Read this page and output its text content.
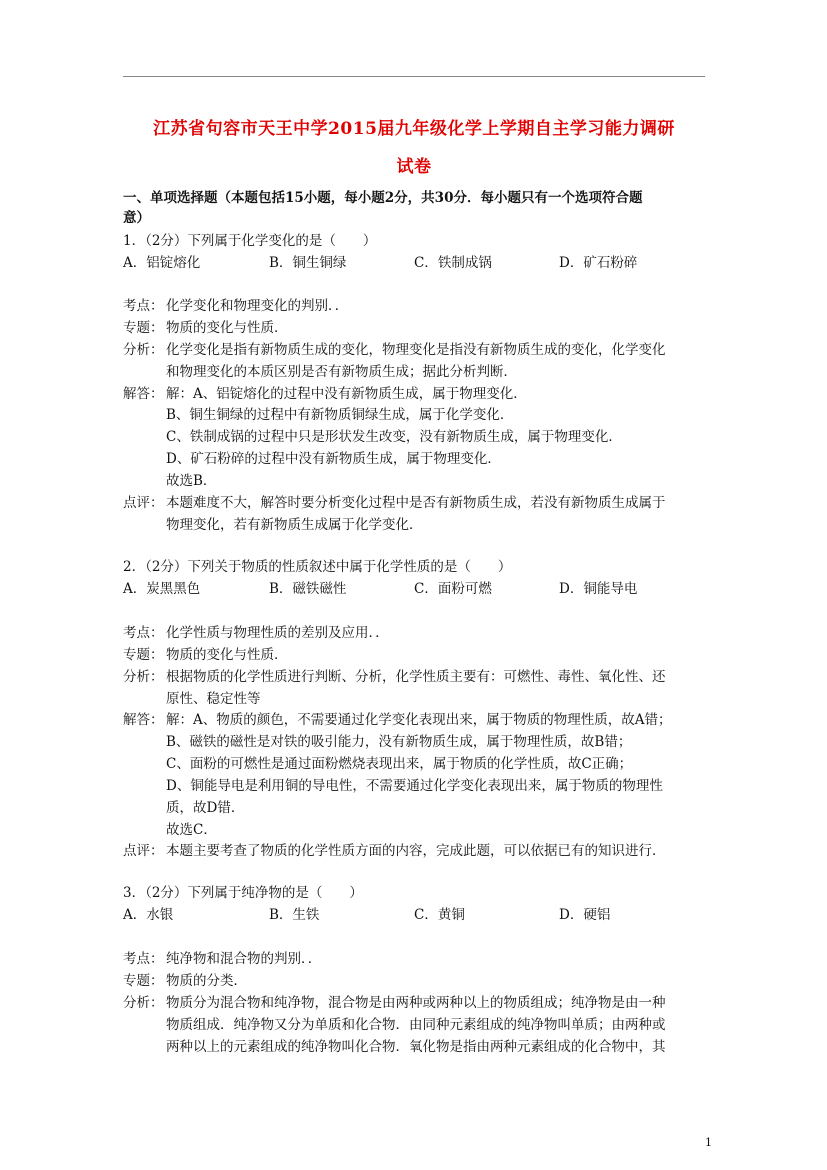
江苏省句容市天王中学2015届九年级化学上学期自主学习能力调研
试卷
一、单项选择题（本题包括15小题，每小题2分，共30分．每小题只有一个选项符合题
意）
1．（2分）下列属于化学变化的是（　　）
A．铝锭熔化	B．铜生铜绿	C．铁制成锅	D．矿石粉碎
考点： 化学变化和物理变化的判别．．
专题： 物质的变化与性质．
分析： 化学变化是指有新物质生成的变化，物理变化是指没有新物质生成的变化，化学变化
和物理变化的本质区别是否有新物质生成；据此分析判断．
解答： 解：A、铝锭熔化的过程中没有新物质生成，属于物理变化．
B、铜生铜绿的过程中有新物质铜绿生成，属于化学变化．
C、铁制成锅的过程中只是形状发生改变，没有新物质生成，属于物理变化．
D、矿石粉碎的过程中没有新物质生成，属于物理变化．
故选B．
点评： 本题难度不大，解答时要分析变化过程中是否有新物质生成，若没有新物质生成属于
物理变化，若有新物质生成属于化学变化．
2．（2分）下列关于物质的性质叙述中属于化学性质的是（　　）
A．炭黑黑色	B．磁铁磁性	C．面粉可燃	D．铜能导电
考点： 化学性质与物理性质的差别及应用．．
专题： 物质的变化与性质．
分析： 根据物质的化学性质进行判断、分析，化学性质主要有：可燃性、毒性、氧化性、还
原性、稳定性等
解答： 解：A、物质的颜色，不需要通过化学变化表现出来，属于物质的物理性质，故A错；
B、磁铁的磁性是对铁的吸引能力，没有新物质生成，属于物理性质，故B错；
C、面粉的可燃性是通过面粉燃烧表现出来，属于物质的化学性质，故C正确；
D、铜能导电是利用铜的导电性，不需要通过化学变化表现出来，属于物质的物理性
质，故D错．
故选C．
点评： 本题主要考查了物质的化学性质方面的内容，完成此题，可以依据已有的知识进行．
3．（2分）下列属于纯净物的是（　　）
A．水银	B．生铁	C．黄铜	D．硬铝
考点： 纯净物和混合物的判别．．
专题： 物质的分类．
分析： 物质分为混合物和纯净物，混合物是由两种或两种以上的物质组成；纯净物是由一种
物质组成．纯净物又分为单质和化合物．由同种元素组成的纯净物叫单质；由两种或
两种以上的元素组成的纯净物叫化合物．氧化物是指由两种元素组成的化合物中，其
1
